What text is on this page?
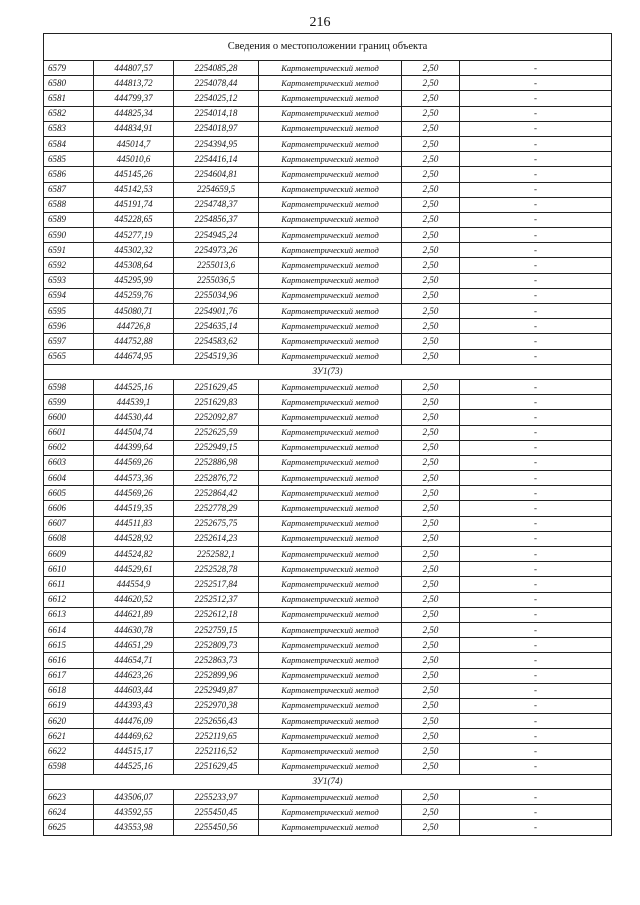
216
Сведения о местоположении границ объекта					
6579	444807,57	2254085,28	Картометрический метод	2,50	-
6580	444813,72	2254078,44	Картометрический метод	2,50	-
6581	444799,37	2254025,12	Картометрический метод	2,50	-
6582	444825,34	2254014,18	Картометрический метод	2,50	-
6583	444834,91	2254018,97	Картометрический метод	2,50	-
6584	445014,7	2254394,95	Картометрический метод	2,50	-
6585	445010,6	2254416,14	Картометрический метод	2,50	-
6586	445145,26	2254604,81	Картометрический метод	2,50	-
6587	445142,53	2254659,5	Картометрический метод	2,50	-
6588	445191,74	2254748,37	Картометрический метод	2,50	-
6589	445228,65	2254856,37	Картометрический метод	2,50	-
6590	445277,19	2254945,24	Картометрический метод	2,50	-
6591	445302,32	2254973,26	Картометрический метод	2,50	-
6592	445308,64	2255013,6	Картометрический метод	2,50	-
6593	445295,99	2255036,5	Картометрический метод	2,50	-
6594	445259,76	2255034,96	Картометрический метод	2,50	-
6595	445080,71	2254901,76	Картометрический метод	2,50	-
6596	444726,8	2254635,14	Картометрический метод	2,50	-
6597	444752,88	2254583,62	Картометрический метод	2,50	-
6565	444674,95	2254519,36	Картометрический метод	2,50	-
ЗУ1(73)					
6598	444525,16	2251629,45	Картометрический метод	2,50	-
6599	444539,1	2251629,83	Картометрический метод	2,50	-
6600	444530,44	2252092,87	Картометрический метод	2,50	-
6601	444504,74	2252625,59	Картометрический метод	2,50	-
6602	444399,64	2252949,15	Картометрический метод	2,50	-
6603	444569,26	2252886,98	Картометрический метод	2,50	-
6604	444573,36	2252876,72	Картометрический метод	2,50	-
6605	444569,26	2252864,42	Картометрический метод	2,50	-
6606	444519,35	2252778,29	Картометрический метод	2,50	-
6607	444511,83	2252675,75	Картометрический метод	2,50	-
6608	444528,92	2252614,23	Картометрический метод	2,50	-
6609	444524,82	2252582,1	Картометрический метод	2,50	-
6610	444529,61	2252528,78	Картометрический метод	2,50	-
6611	444554,9	2252517,84	Картометрический метод	2,50	-
6612	444620,52	2252512,37	Картометрический метод	2,50	-
6613	444621,89	2252612,18	Картометрический метод	2,50	-
6614	444630,78	2252759,15	Картометрический метод	2,50	-
6615	444651,29	2252809,73	Картометрический метод	2,50	-
6616	444654,71	2252863,73	Картометрический метод	2,50	-
6617	444623,26	2252899,96	Картометрический метод	2,50	-
6618	444603,44	2252949,87	Картометрический метод	2,50	-
6619	444393,43	2252970,38	Картометрический метод	2,50	-
6620	444476,09	2252656,43	Картометрический метод	2,50	-
6621	444469,62	2252119,65	Картометрический метод	2,50	-
6622	444515,17	2252116,52	Картометрический метод	2,50	-
6598	444525,16	2251629,45	Картометрический метод	2,50	-
ЗУ1(74)					
6623	443506,07	2255233,97	Картометрический метод	2,50	-
6624	443592,55	2255450,45	Картометрический метод	2,50	-
6625	443553,98	2255450,56	Картометрический метод	2,50	-
